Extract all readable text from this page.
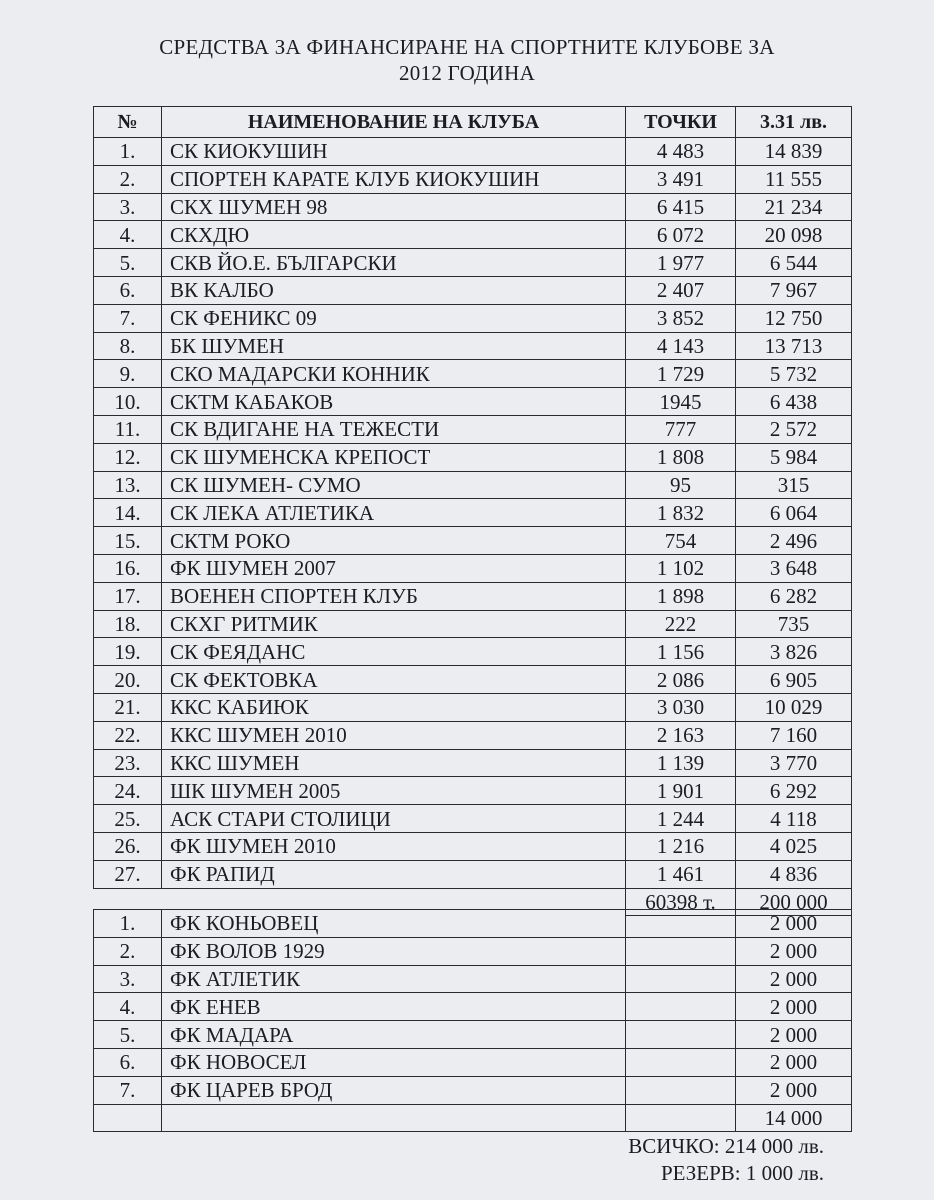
СРЕДСТВА ЗА ФИНАНСИРАНЕ НА СПОРТНИТЕ КЛУБОВЕ ЗА
2012 ГОДИНА
№	НАИМЕНОВАНИЕ НА КЛУБА	ТОЧКИ	3.31 лв.
1.	СК КИОКУШИН	4 483	14 839
2.	СПОРТЕН КАРАТЕ КЛУБ КИОКУШИН	3 491	11 555
3.	СКХ ШУМЕН 98	6 415	21 234
4.	СКХДЮ	6 072	20 098
5.	СКВ ЙО.Е. БЪЛГАРСКИ	1 977	6 544
6.	ВК КАЛБО	2 407	7 967
7.	СК ФЕНИКС 09	3 852	12 750
8.	БК ШУМЕН	4 143	13 713
9.	СКО МАДАРСКИ КОННИК	1 729	5 732
10.	СКТМ КАБАКОВ	1945	6 438
11.	СК ВДИГАНЕ НА ТЕЖЕСТИ	777	2 572
12.	СК ШУМЕНСКА КРЕПОСТ	1 808	5 984
13.	СК ШУМЕН- СУМО	95	315
14.	СК ЛЕКА АТЛЕТИКА	1 832	6 064
15.	СКТМ РОКО	754	2 496
16.	ФК ШУМЕН 2007	1 102	3 648
17.	ВОЕНЕН СПОРТЕН КЛУБ	1 898	6 282
18.	СКХГ РИТМИК	222	735
19.	СК ФЕЯДАНС	1 156	3 826
20.	СК ФЕКТОВКА	2 086	6 905
21.	ККС КАБИЮК	3 030	10 029
22.	ККС ШУМЕН 2010	2 163	7 160
23.	ККС ШУМЕН	1 139	3 770
24.	ШК ШУМЕН 2005	1 901	6 292
25.	АСК СТАРИ СТОЛИЦИ	1 244	4 118
26.	ФК ШУМЕН 2010	1 216	4 025
27.	ФК РАПИД	1 461	4 836
		60398 т.	200 000
1.	ФК КОНЬОВЕЦ		2 000
2.	ФК ВОЛОВ 1929		2 000
3.	ФК АТЛЕТИК		2 000
4.	ФК ЕНЕВ		2 000
5.	ФК МАДАРА		2 000
6.	ФК НОВОСЕЛ		2 000
7.	ФК ЦАРЕВ БРОД		2 000
			14 000
ВСИЧКО: 214 000 лв.
РЕЗЕРВ: 1 000 лв.
